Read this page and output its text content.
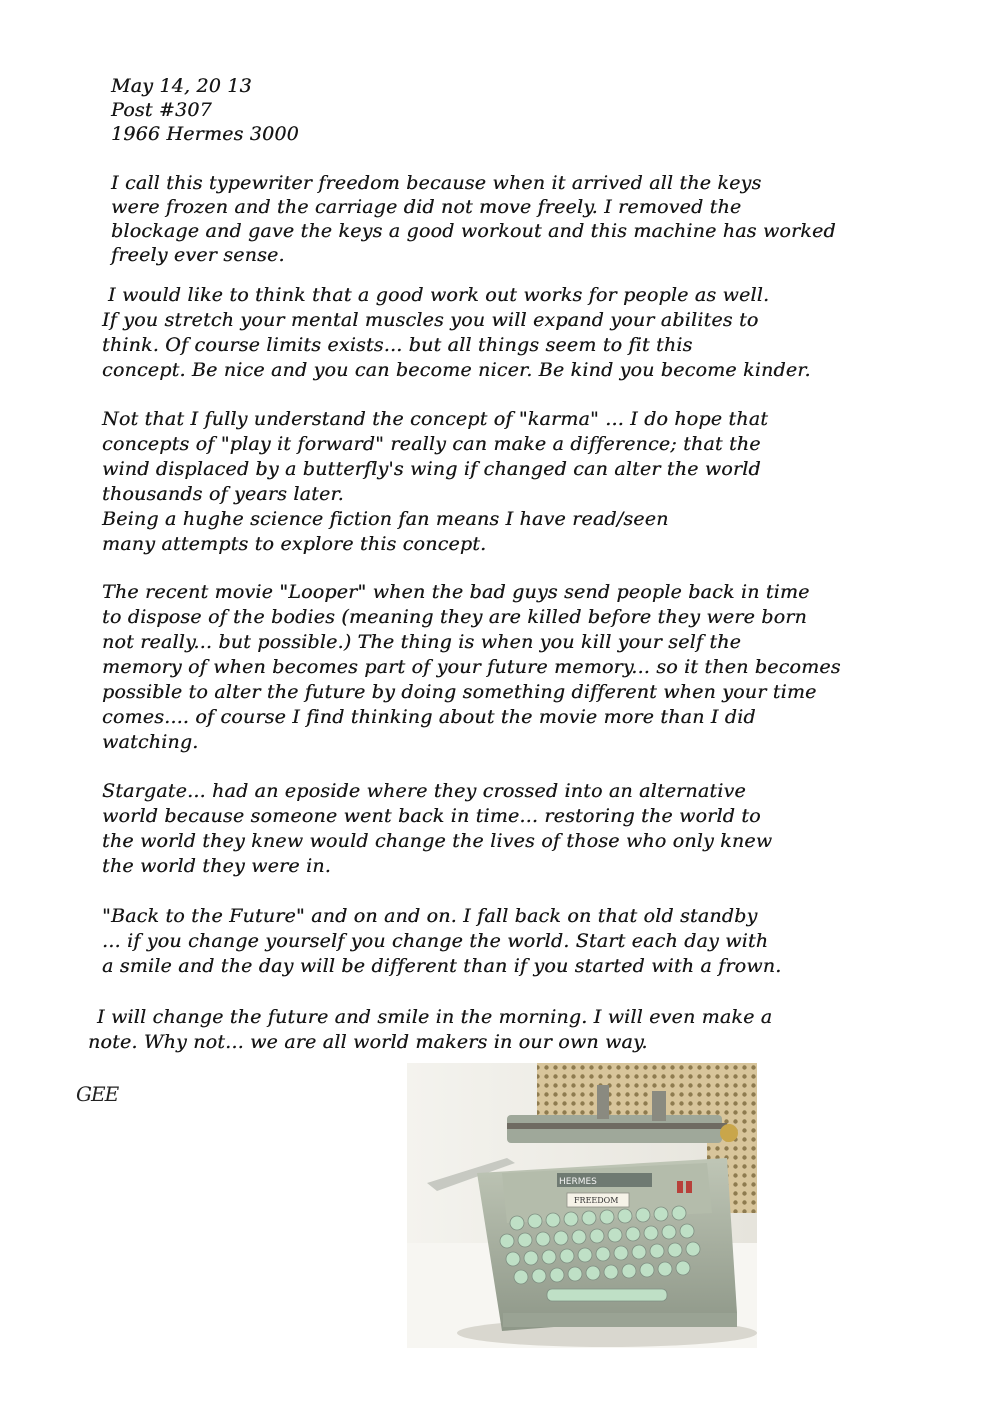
May 14, 20 13
Post #307
1966 Hermes 3000
I call this typewriter freedom because when it arrived all the keys
were frozen and the carriage did not move freely. I removed the
blockage and gave the keys a good workout and this machine has worked
freely ever sense.
I would like to think that a good work out works for people as well.
If you stretch your mental muscles you will expand your abilites to
think. Of course limits exists... but all things seem to fit this
concept. Be nice and you can become nicer. Be kind you become kinder.
Not that I fully understand the concept of "karma" ... I do hope that
concepts of "play it forward" really can make a difference; that the
wind displaced by a butterfly's wing if changed can alter the world
thousands of years later.
Being a hughe science fiction fan means I have read/seen
many attempts to explore this concept.
The recent movie "Looper" when the bad guys send people back in time
to dispose of the bodies (meaning they are killed before they were born
not really... but possible.) The thing is when you kill your self the
memory of when becomes part of your future memory... so it then becomes
possible to alter the future by doing something different when your time
comes.... of course I find thinking about the movie more than I did
watching.
Stargate... had an eposide where they crossed into an alternative
world because someone went back in time... restoring the world to
the world they knew would change the lives of those who only knew
the world they were in.
"Back to the Future" and on and on. I fall back on that old standby
... if you change yourself you change the world. Start each day with
a smile and the day will be different than if you started with a frown.
I will change the future and smile in the morning. I will even make a
note. Why not... we are all world makers in our own way.
GEE
HERMES
FREEDOM
